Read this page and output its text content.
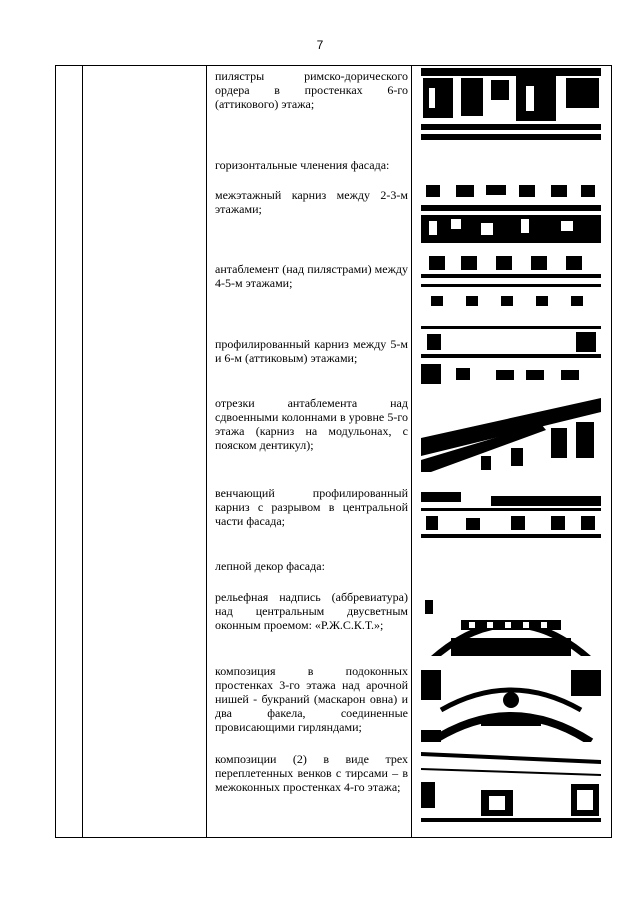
7
пилястры римско-дорического ордера в простенках 6-го (аттикового) этажа;
горизонтальные членения фасада:
межэтажный карниз между 2-3-м этажами;
антаблемент (над пилястрами) между 4-5-м этажами;
профилированный карниз между 5-м и 6-м (аттиковым) этажами;
отрезки антаблемента над сдвоенными колоннами в уровне 5-го этажа (карниз на модульонах, с пояском дентикул);
венчающий профилированный карниз с разрывом в центральной части фасада;
лепной декор фасада:
рельефная надпись (аббревиатура) над центральным двусветным оконным проемом: «Р.Ж.С.К.Т.»;
композиция в подоконных простенках 3-го этажа над арочной нишей - букраний (маскарон овна) и два факела, соединенные провисающими гирляндами;
композиции (2) в виде трех переплетенных венков с тирсами – в межоконных простенках 4-го этажа;
